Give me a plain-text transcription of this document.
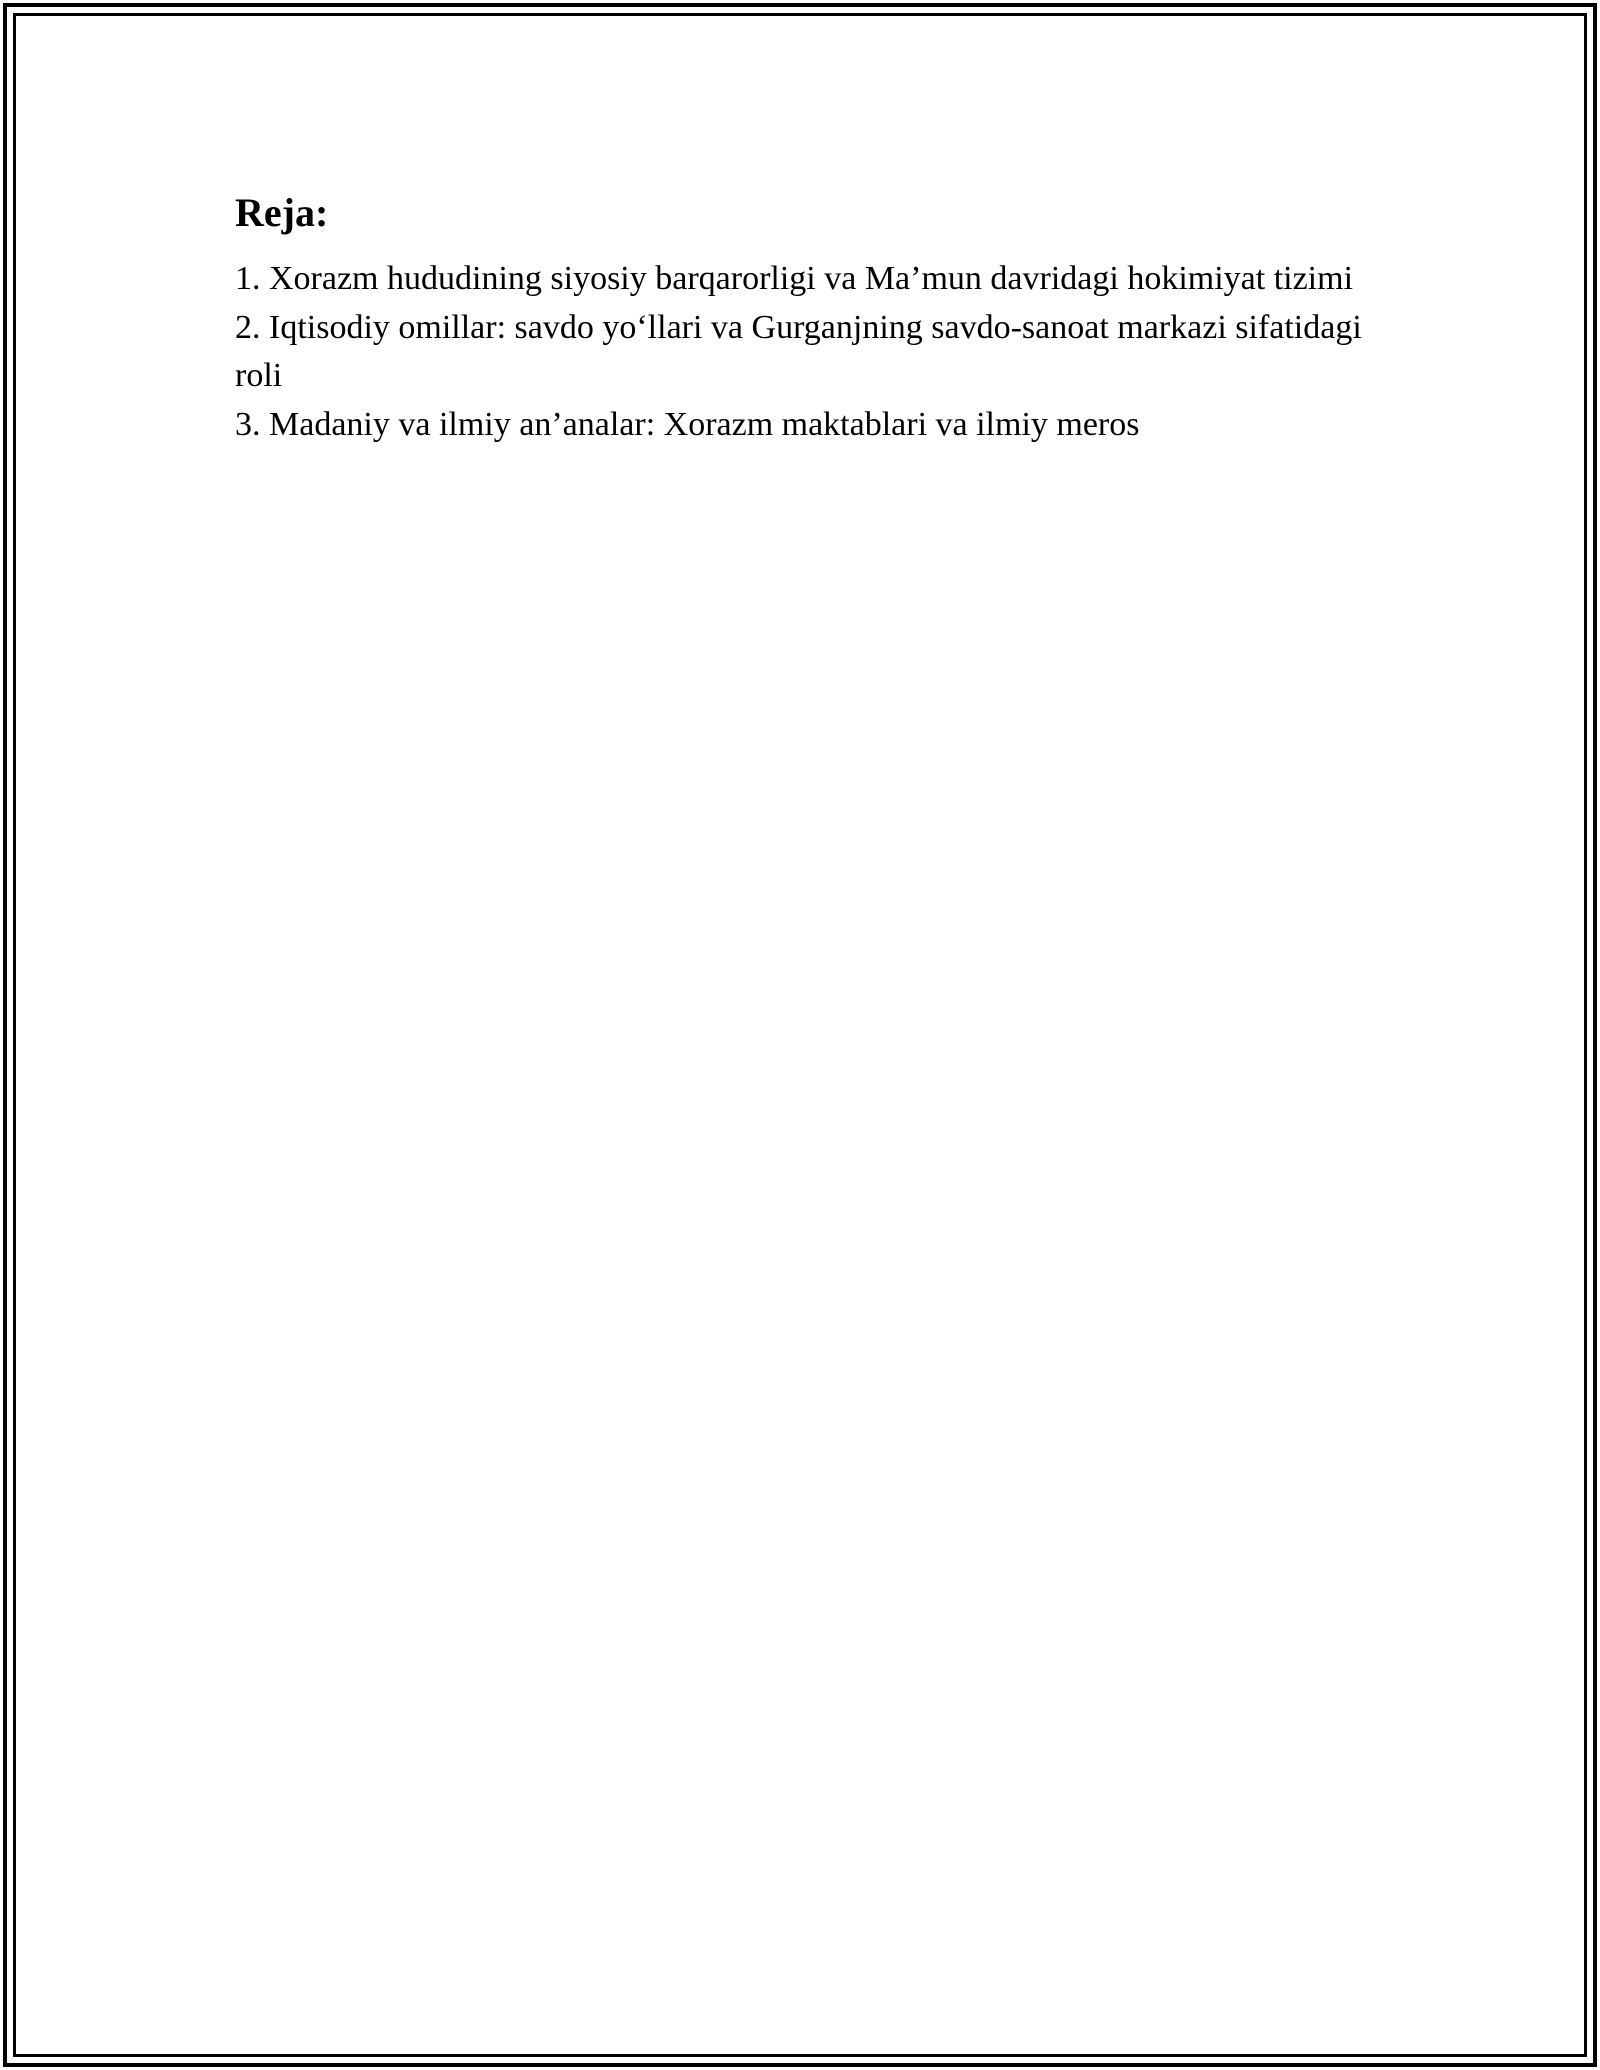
Reja:
1. Xorazm hududining siyosiy barqarorligi va Ma’mun davridagi hokimiyat tizimi
2. Iqtisodiy omillar: savdo yo‘llari va Gurganjning savdo-sanoat markazi sifatidagi roli
3. Madaniy va ilmiy an’analar: Xorazm maktablari va ilmiy meros
